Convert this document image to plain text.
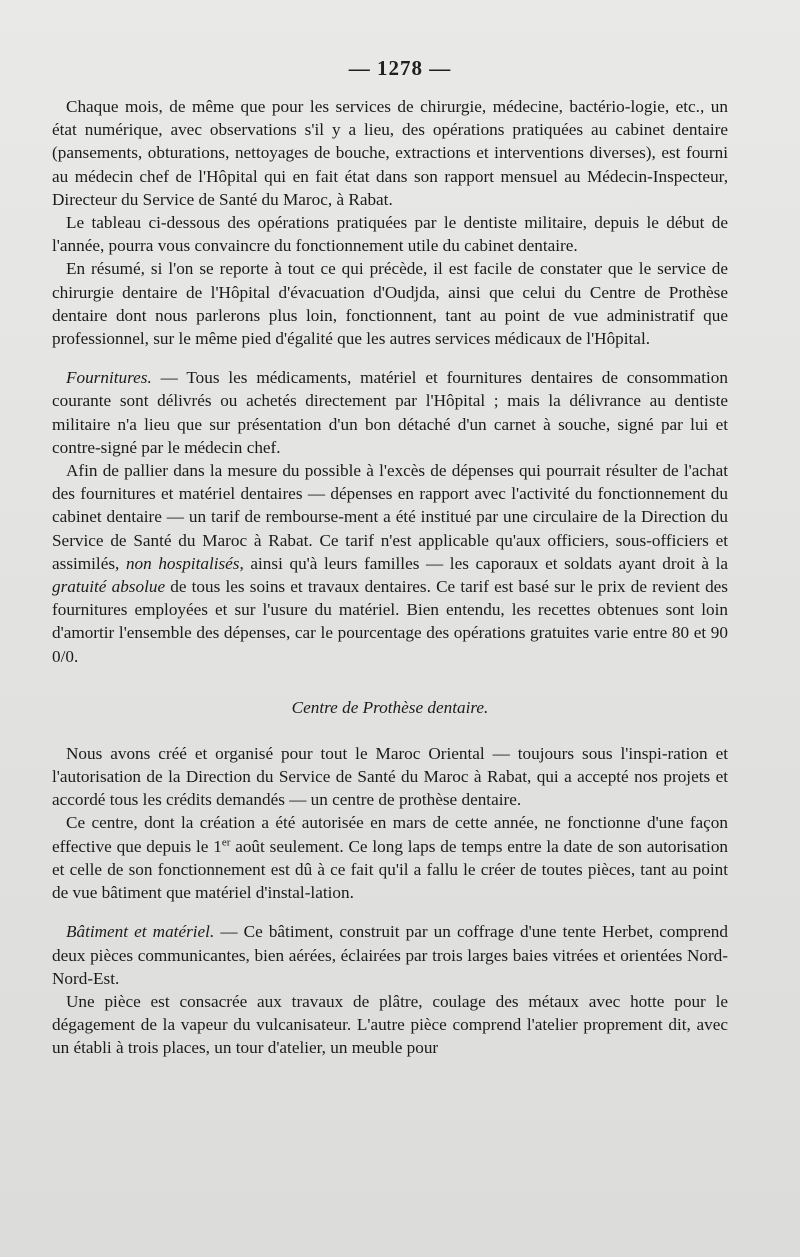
— 1278 —

Chaque mois, de même que pour les services de chirurgie, médecine, bactério-logie, etc., un état numérique, avec observations s'il y a lieu, des opérations pratiquées au cabinet dentaire (pansements, obturations, nettoyages de bouche, extractions et interventions diverses), est fourni au médecin chef de l'Hôpital qui en fait état dans son rapport mensuel au Médecin-Inspecteur, Directeur du Service de Santé du Maroc, à Rabat.

Le tableau ci-dessous des opérations pratiquées par le dentiste militaire, depuis le début de l'année, pourra vous convaincre du fonctionnement utile du cabinet dentaire.

En résumé, si l'on se reporte à tout ce qui précède, il est facile de constater que le service de chirurgie dentaire de l'Hôpital d'évacuation d'Oudjda, ainsi que celui du Centre de Prothèse dentaire dont nous parlerons plus loin, fonctionnent, tant au point de vue administratif que professionnel, sur le même pied d'égalité que les autres services médicaux de l'Hôpital.

Fournitures. — Tous les médicaments, matériel et fournitures dentaires de consommation courante sont délivrés ou achetés directement par l'Hôpital ; mais la délivrance au dentiste militaire n'a lieu que sur présentation d'un bon détaché d'un carnet à souche, signé par lui et contre-signé par le médecin chef.

Afin de pallier dans la mesure du possible à l'excès de dépenses qui pourrait résulter de l'achat des fournitures et matériel dentaires — dépenses en rapport avec l'activité du fonctionnement du cabinet dentaire — un tarif de rembourse-ment a été institué par une circulaire de la Direction du Service de Santé du Maroc à Rabat. Ce tarif n'est applicable qu'aux officiers, sous-officiers et assimilés, non hospitalisés, ainsi qu'à leurs familles — les caporaux et soldats ayant droit à la gratuité absolue de tous les soins et travaux dentaires. Ce tarif est basé sur le prix de revient des fournitures employées et sur l'usure du matériel. Bien entendu, les recettes obtenues sont loin d'amortir l'ensemble des dépenses, car le pourcentage des opérations gratuites varie entre 80 et 90 0/0.

Centre de Prothèse dentaire.

Nous avons créé et organisé pour tout le Maroc Oriental — toujours sous l'inspi-ration et l'autorisation de la Direction du Service de Santé du Maroc à Rabat, qui a accepté nos projets et accordé tous les crédits demandés — un centre de prothèse dentaire.

Ce centre, dont la création a été autorisée en mars de cette année, ne fonctionne d'une façon effective que depuis le 1er août seulement. Ce long laps de temps entre la date de son autorisation et celle de son fonctionnement est dû à ce fait qu'il a fallu le créer de toutes pièces, tant au point de vue bâtiment que matériel d'instal-lation.

Bâtiment et matériel. — Ce bâtiment, construit par un coffrage d'une tente Herbet, comprend deux pièces communicantes, bien aérées, éclairées par trois larges baies vitrées et orientées Nord-Nord-Est.

Une pièce est consacrée aux travaux de plâtre, coulage des métaux avec hotte pour le dégagement de la vapeur du vulcanisateur. L'autre pièce comprend l'atelier proprement dit, avec un établi à trois places, un tour d'atelier, un meuble pour
